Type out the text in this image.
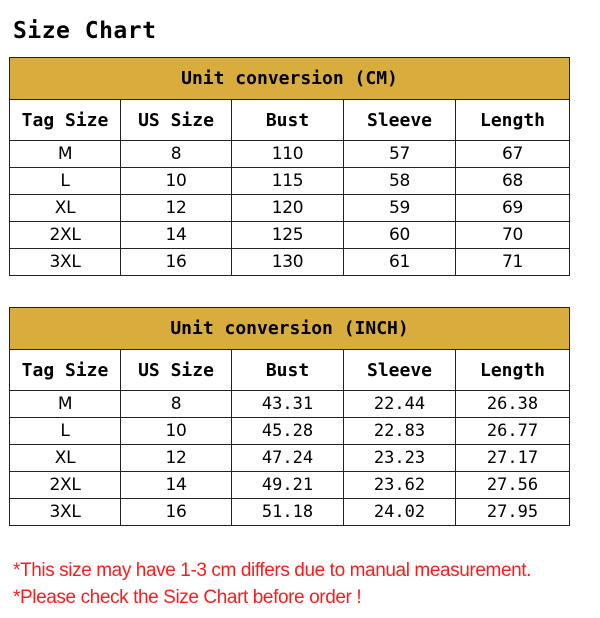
Size Chart
Unit conversion (CM)				
Tag Size	US Size	Bust	Sleeve	Length
M	8	110	57	67
L	10	115	58	68
XL	12	120	59	69
2XL	14	125	60	70
3XL	16	130	61	71
Unit conversion (INCH)				
Tag Size	US Size	Bust	Sleeve	Length
M	8	43.31	22.44	26.38
L	10	45.28	22.83	26.77
XL	12	47.24	23.23	27.17
2XL	14	49.21	23.62	27.56
3XL	16	51.18	24.02	27.95
*This size may have 1-3 cm differs due to manual measurement.
*Please check the Size Chart before order !
